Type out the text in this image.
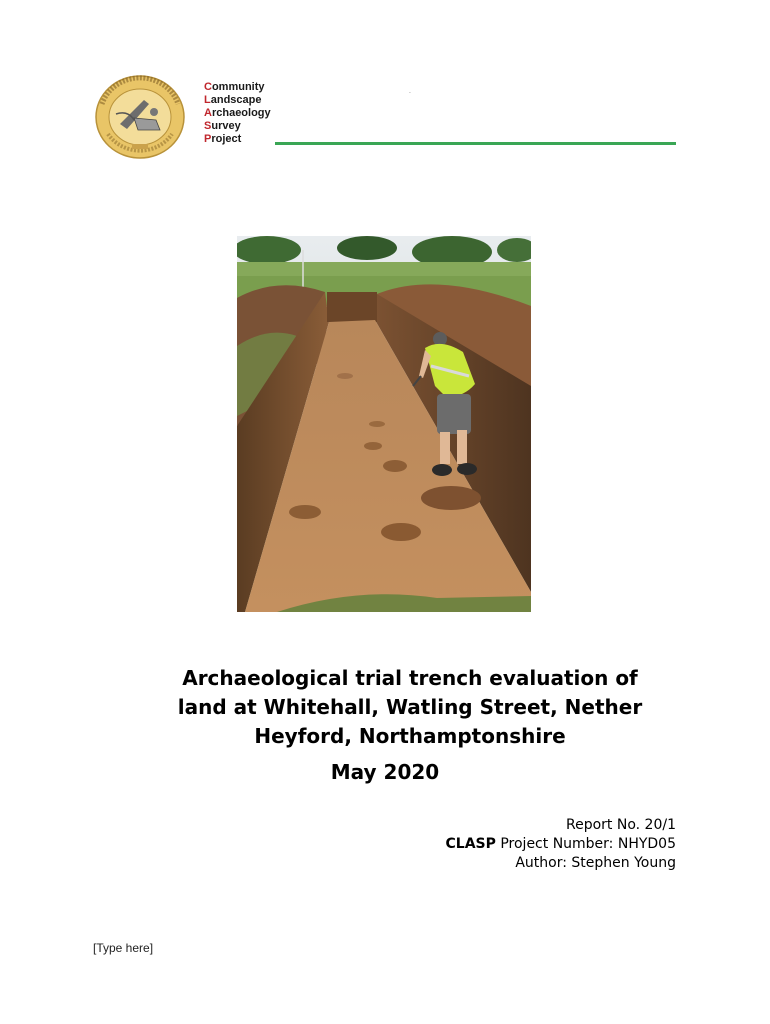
Community
Landscape
Archaeology
Survey
Project
.
Archaeological trial trench evaluation of
land at Whitehall, Watling Street, Nether
Heyford, Northamptonshire
May 2020
Report No. 20/1
CLASP Project Number: NHYD05
Author: Stephen Young
[Type here]
